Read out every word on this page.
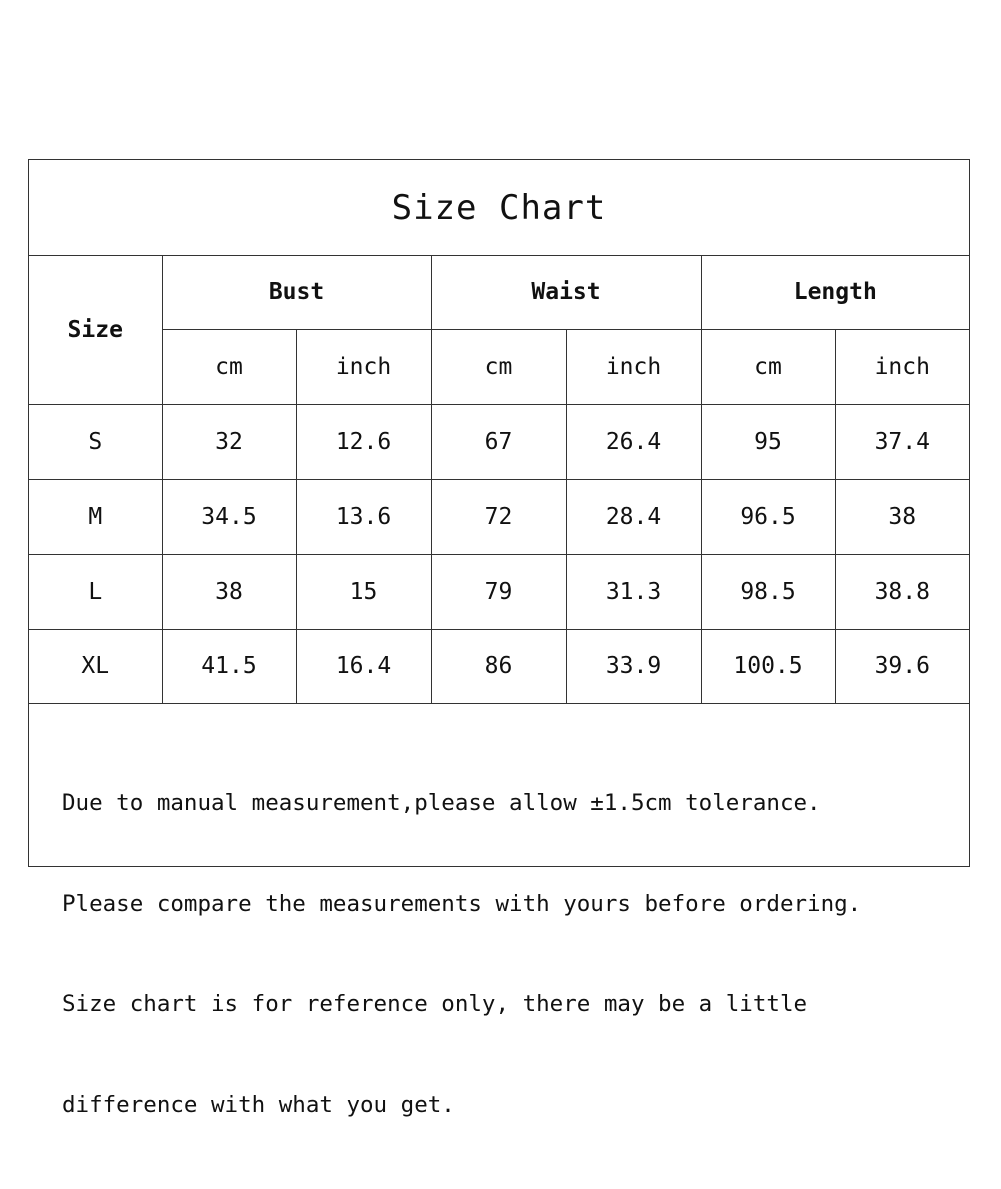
Size Chart
Size	Bust		Waist		Length	
	cm	inch	cm	inch	cm	inch
S	32	12.6	67	26.4	95	37.4
M	34.5	13.6	72	28.4	96.5	38
L	38	15	79	31.3	98.5	38.8
XL	41.5	16.4	86	33.9	100.5	39.6

Due to manual measurement,please allow ±1.5cm tolerance.

Please compare the measurements with yours before ordering.

Size chart is for reference only, there may be a little

difference with what you get.
